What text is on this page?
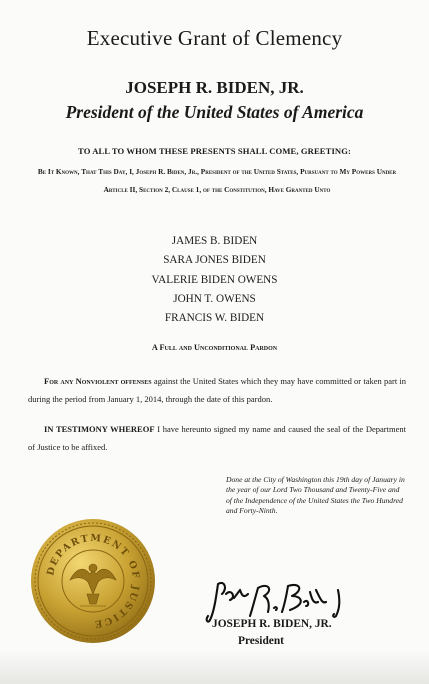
Executive Grant of Clemency
JOSEPH R. BIDEN, JR.
President of the United States of America
TO ALL TO WHOM THESE PRESENTS SHALL COME, GREETING:
Be It Known, That This Day, I, Joseph R. Biden, Jr., President of the United States, Pursuant to My Powers Under Article II, Section 2, Clause 1, of the Constitution, Have Granted Unto
JAMES B. BIDEN
SARA JONES BIDEN
VALERIE BIDEN OWENS
JOHN T. OWENS
FRANCIS W. BIDEN
A Full and Unconditional Pardon
For any Nonviolent offenses against the United States which they may have committed or taken part in during the period from January 1, 2014, through the date of this pardon.
IN TESTIMONY WHEREOF I have hereunto signed my name and caused the seal of the Department of Justice to be affixed.
Done at the City of Washington this 19th day of January in the year of our Lord Two Thousand and Twenty-Five and of the Independence of the United States the Two Hundred and Forty-Ninth.
DEPARTMENT OF JUSTICE	JOSEPH R. BIDEN, JR.
President
